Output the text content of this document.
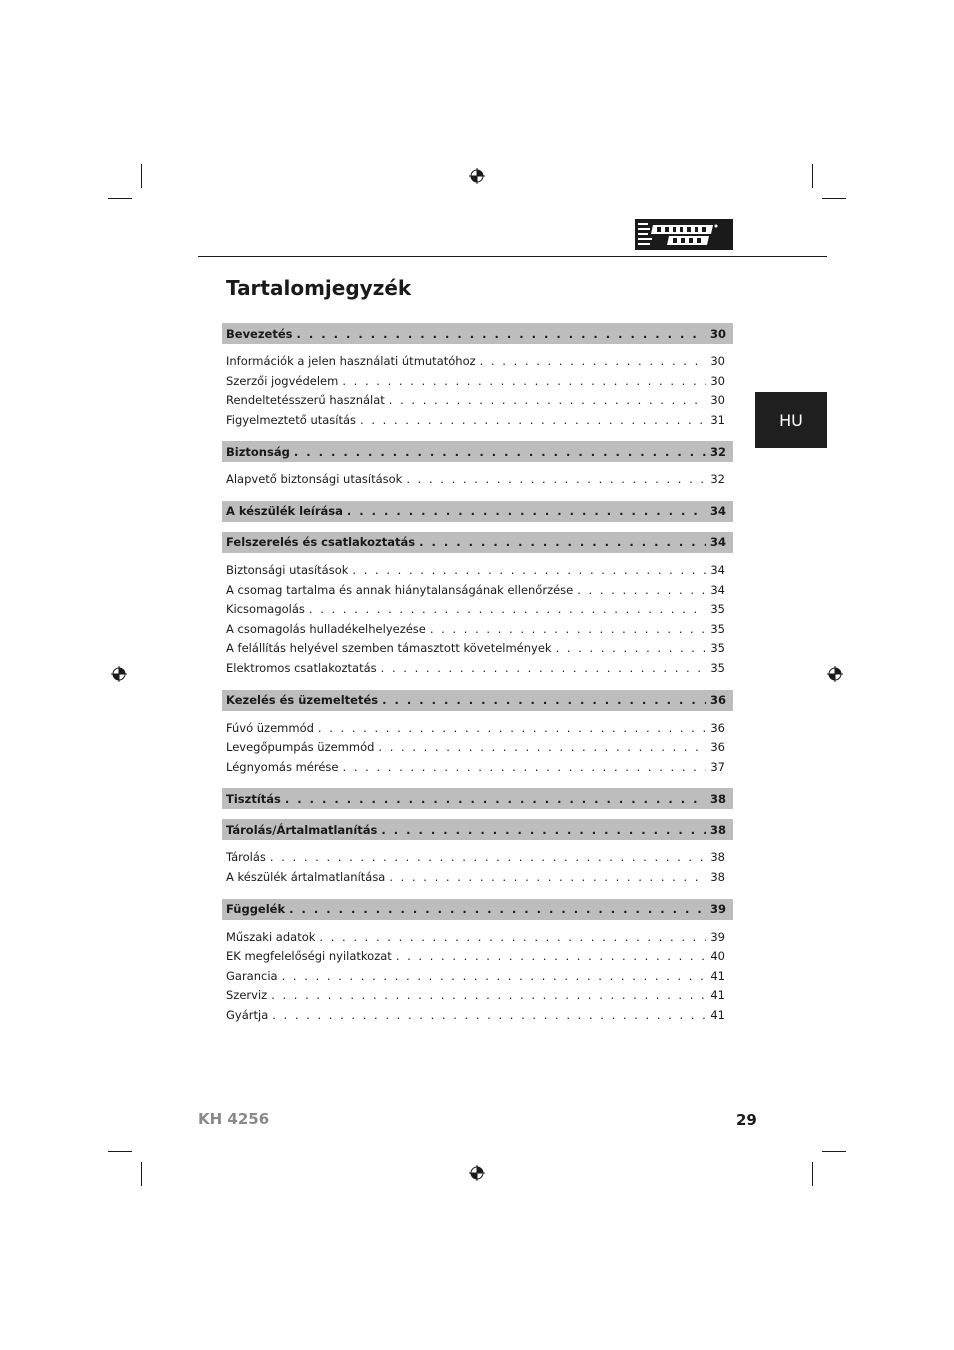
HU
Tartalomjegyzék
Bevezetés . . .	30
Információk a jelen használati útmutatóhoz . . .	30
Szerzői jogvédelem . . .	30
Rendeltetésszerű használat . . .	30
Figyelmeztető utasítás . . .	31
Biztonság . . .	32
Alapvető biztonsági utasítások . . .	32
A készülék leírása . . .	34
Felszerelés és csatlakoztatás . . .	34
Biztonsági utasítások . . .	34
A csomag tartalma és annak hiánytalanságának ellenőrzése . . .	34
Kicsomagolás . . .	35
A csomagolás hulladékelhelyezése . . .	35
A felállítás helyével szemben támasztott követelmények . . .	35
Elektromos csatlakoztatás . . .	35
Kezelés és üzemeltetés . . .	36
Fúvó üzemmód . . .	36
Levegőpumpás üzemmód . . .	36
Légnyomás mérése . . .	37
Tisztítás . . .	38
Tárolás/Ártalmatlanítás . . .	38
Tárolás . . .	38
A készülék ártalmatlanítása . . .	38
Függelék . . .	39
Műszaki adatok . . .	39
EK megfelelőségi nyilatkozat . . .	40
Garancia . . .	41
Szerviz . . .	41
Gyártja . . .	41
KH 4256	29
